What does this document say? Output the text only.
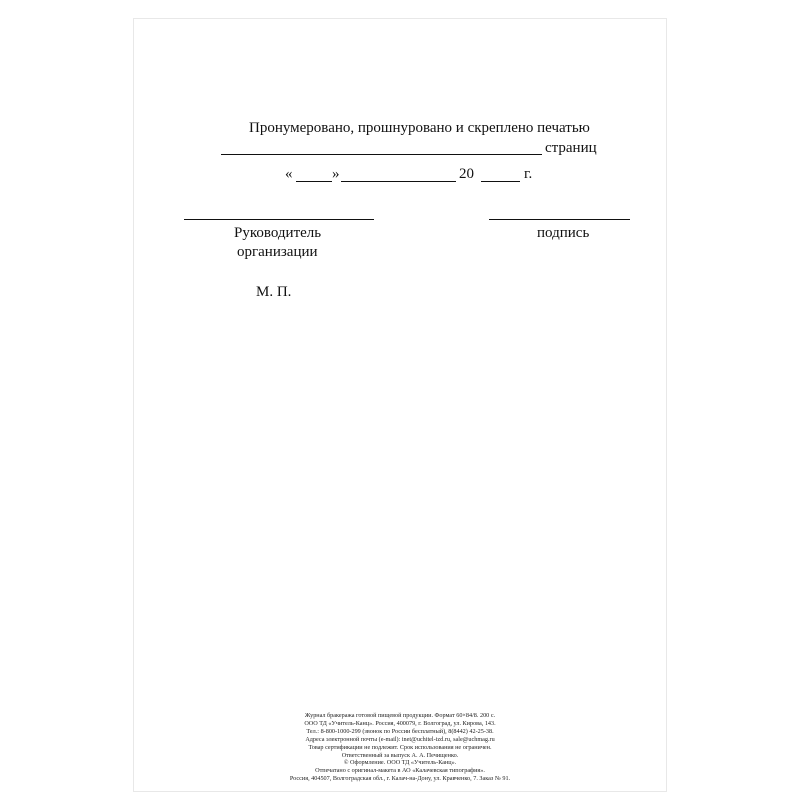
Пронумеровано, прошнуровано и скреплено печатью
страниц
«	»	20	г.
Руководитель
организации
подпись
М. П.
Журнал бракеража готовой пищевой продукции. Формат 60×84/8. 200 с.
ООО ТД «Учитель-Канц». Россия, 400079, г. Волгоград, ул. Кирова, 143.
Тел.: 8-800-1000-299 (звонок по России бесплатный), 8(8442) 42-25-38.
Адреса электронной почты (e-mail): inet@uchitel-izd.ru, sale@uchmag.ru
Товар сертификации не подлежит. Срок использования не ограничен.
Ответственный за выпуск А. А. Печищенко.
© Оформление. ООО ТД «Учитель-Канц».
Отпечатано с оригинал-макета в АО «Калачевская типография».
Россия, 404507, Волгоградская обл., г. Калач-на-Дону, ул. Кравченко, 7. Заказ № 91.
